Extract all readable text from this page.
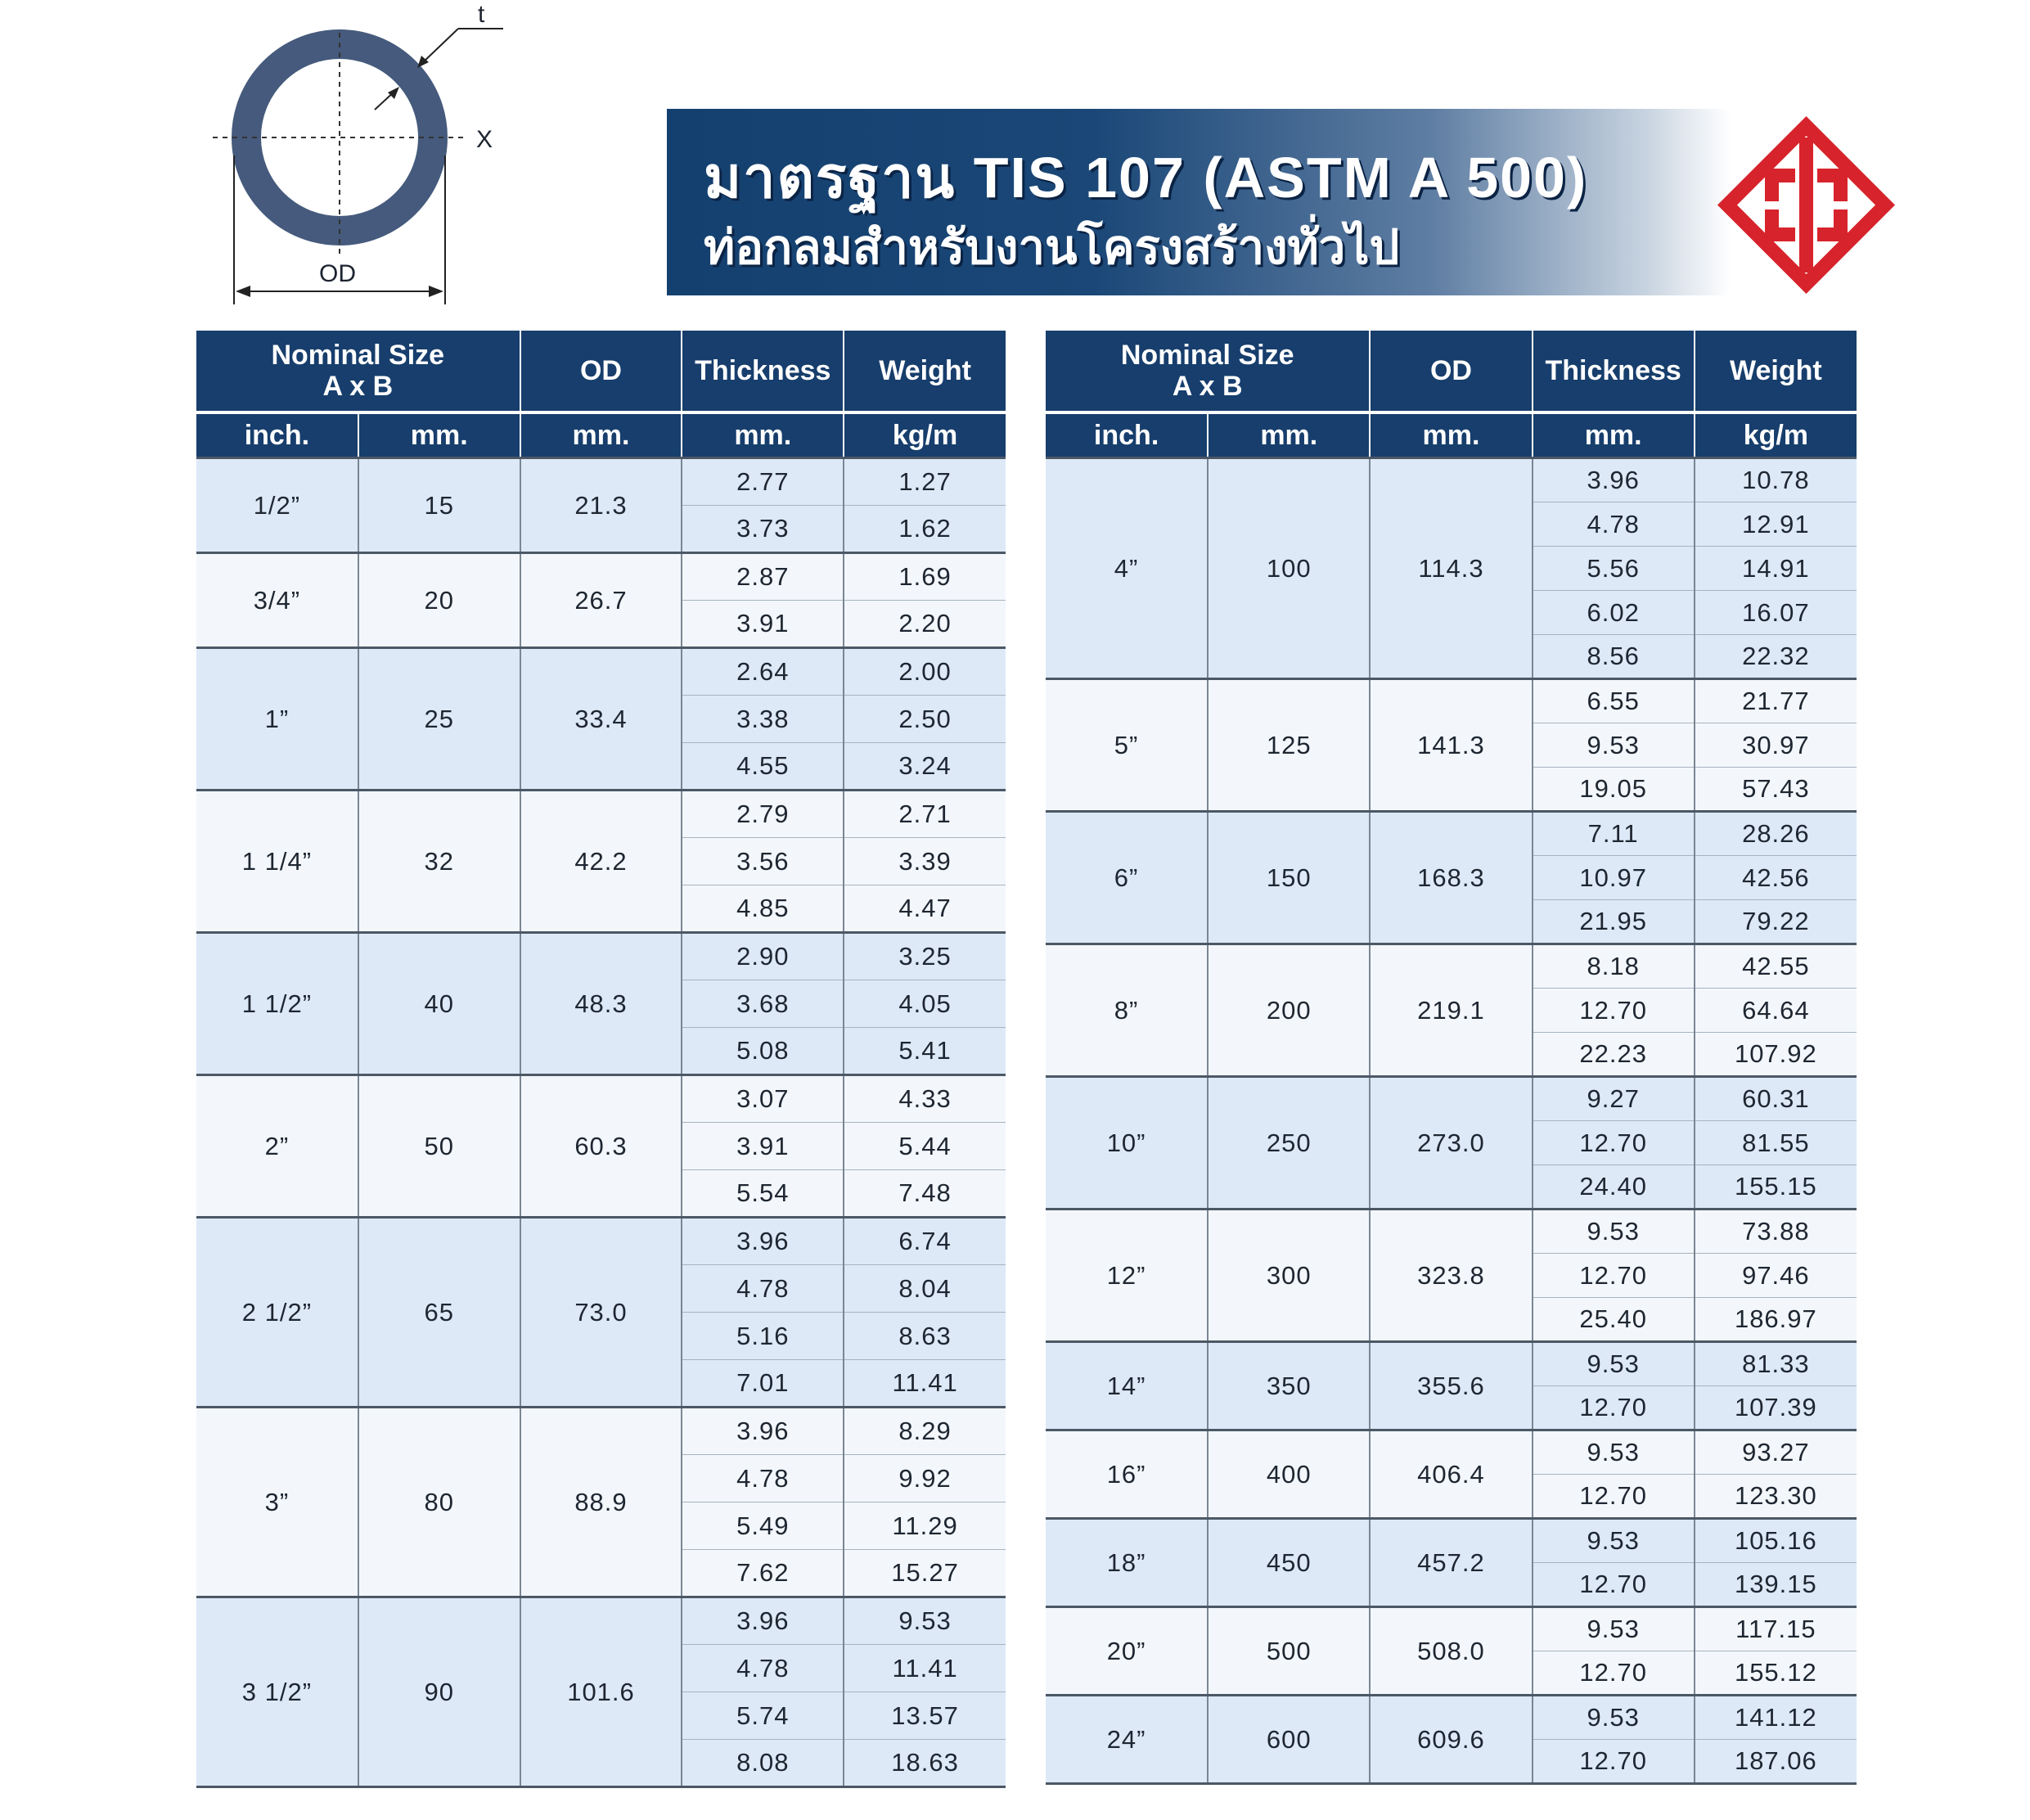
t
X
OD
มาตรฐาน TIS 107 (ASTM A 500)
ท่อกลมสำหรับงานโครงสร้างทั่วไป
Nominal Size
A x B		OD	Thickness	Weight
inch.	mm.	mm.	mm.	kg/m
1/2”	15	21.3	2.77	1.27
			3.73	1.62
3/4”	20	26.7	2.87	1.69
			3.91	2.20
1”	25	33.4	2.64	2.00
			3.38	2.50
			4.55	3.24
1 1/4”	32	42.2	2.79	2.71
			3.56	3.39
			4.85	4.47
1 1/2”	40	48.3	2.90	3.25
			3.68	4.05
			5.08	5.41
2”	50	60.3	3.07	4.33
			3.91	5.44
			5.54	7.48
2 1/2”	65	73.0	3.96	6.74
			4.78	8.04
			5.16	8.63
			7.01	11.41
3”	80	88.9	3.96	8.29
			4.78	9.92
			5.49	11.29
			7.62	15.27
3 1/2”	90	101.6	3.96	9.53
			4.78	11.41
			5.74	13.57
			8.08	18.63
Nominal Size
A x B		OD	Thickness	Weight
inch.	mm.	mm.	mm.	kg/m
4”	100	114.3	3.96	10.78
			4.78	12.91
			5.56	14.91
			6.02	16.07
			8.56	22.32
5”	125	141.3	6.55	21.77
			9.53	30.97
			19.05	57.43
6”	150	168.3	7.11	28.26
			10.97	42.56
			21.95	79.22
8”	200	219.1	8.18	42.55
			12.70	64.64
			22.23	107.92
10”	250	273.0	9.27	60.31
			12.70	81.55
			24.40	155.15
12”	300	323.8	9.53	73.88
			12.70	97.46
			25.40	186.97
14”	350	355.6	9.53	81.33
			12.70	107.39
16”	400	406.4	9.53	93.27
			12.70	123.30
18”	450	457.2	9.53	105.16
			12.70	139.15
20”	500	508.0	9.53	117.15
			12.70	155.12
24”	600	609.6	9.53	141.12
			12.70	187.06
